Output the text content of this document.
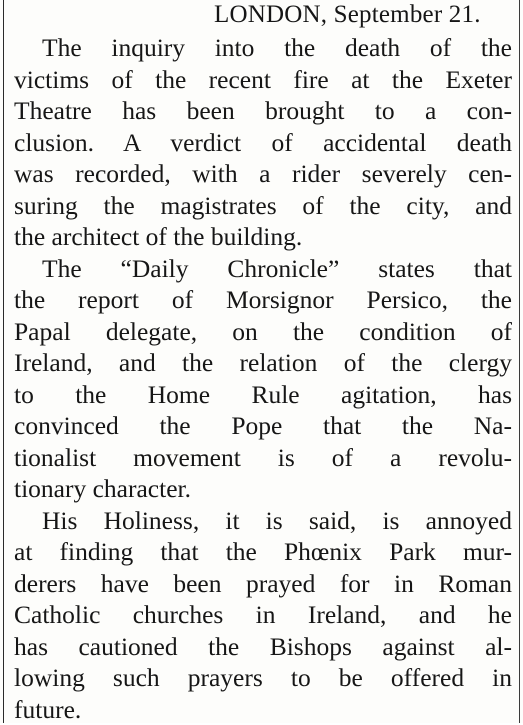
LONDON, September 21.

The inquiry into the death of the
victims of the recent fire at the Exeter
Theatre has been brought to a con-
clusion. A verdict of accidental death
was recorded, with a rider severely cen-
suring the magistrates of the city, and
the architect of the building.
The “Daily Chronicle” states that
the report of Morsignor Persico, the
Papal delegate, on the condition of
Ireland, and the relation of the clergy
to the Home Rule agitation, has
convinced the Pope that the Na-
tionalist movement is of a revolu-
tionary character.
His Holiness, it is said, is annoyed
at finding that the Phœnix Park mur-
derers have been prayed for in Roman
Catholic churches in Ireland, and he
has cautioned the Bishops against al-
lowing such prayers to be offered in
future.
